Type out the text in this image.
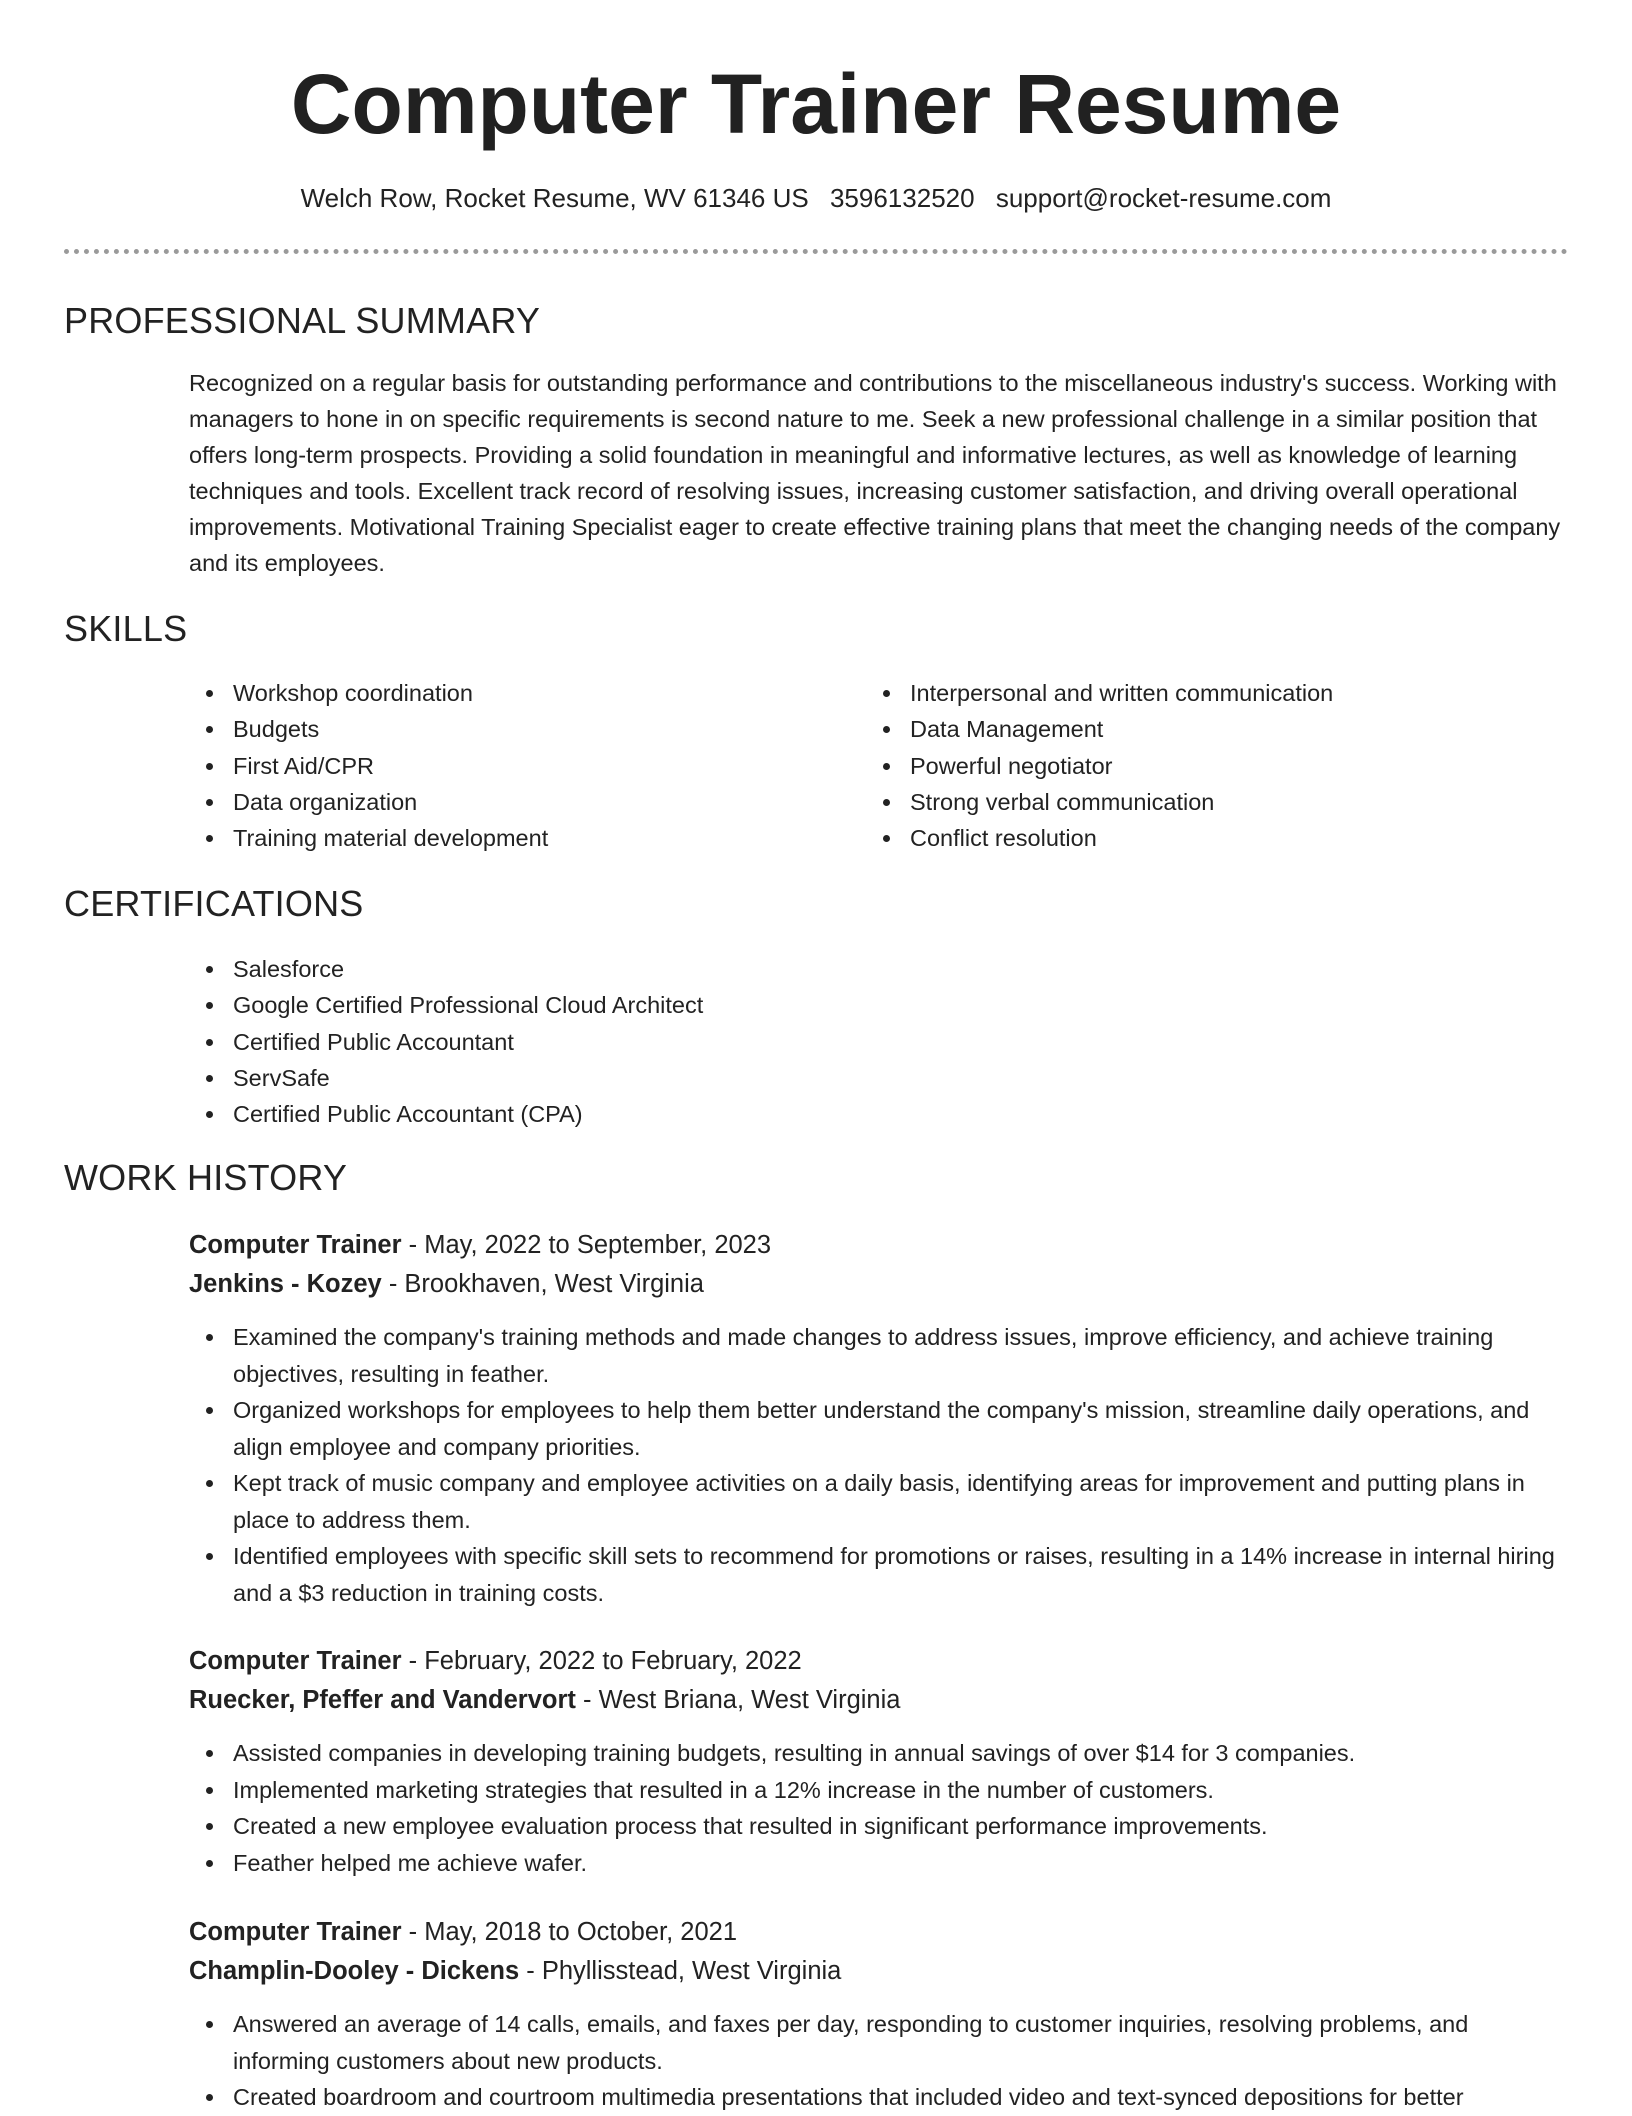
Computer Trainer Resume
Welch Row, Rocket Resume, WV 61346 US 3596132520 support@rocket-resume.com
PROFESSIONAL SUMMARY

Recognized on a regular basis for outstanding performance and contributions to the miscellaneous industry's success. Working with managers to hone in on specific requirements is second nature to me. Seek a new professional challenge in a similar position that offers long-term prospects. Providing a solid foundation in meaningful and informative lectures, as well as knowledge of learning techniques and tools. Excellent track record of resolving issues, increasing customer satisfaction, and driving overall operational improvements. Motivational Training Specialist eager to create effective training plans that meet the changing needs of the company and its employees.

SKILLS
Workshop coordination
Budgets
First Aid/CPR
Data organization
Training material development
Interpersonal and written communication
Data Management
Powerful negotiator
Strong verbal communication
Conflict resolution
CERTIFICATIONS
Salesforce
Google Certified Professional Cloud Architect
Certified Public Accountant
ServSafe
Certified Public Accountant (CPA)
WORK HISTORY
Computer Trainer - May, 2022 to September, 2023
Jenkins - Kozey - Brookhaven, West Virginia
Examined the company's training methods and made changes to address issues, improve efficiency, and achieve training objectives, resulting in feather.
Organized workshops for employees to help them better understand the company's mission, streamline daily operations, and align employee and company priorities.
Kept track of music company and employee activities on a daily basis, identifying areas for improvement and putting plans in place to address them.
Identified employees with specific skill sets to recommend for promotions or raises, resulting in a 14% increase in internal hiring and a $3 reduction in training costs.
Computer Trainer - February, 2022 to February, 2022
Ruecker, Pfeffer and Vandervort - West Briana, West Virginia
Assisted companies in developing training budgets, resulting in annual savings of over $14 for 3 companies.
Implemented marketing strategies that resulted in a 12% increase in the number of customers.
Created a new employee evaluation process that resulted in significant performance improvements.
Feather helped me achieve wafer.
Computer Trainer - May, 2018 to October, 2021
Champlin-Dooley - Dickens - Phyllisstead, West Virginia
Answered an average of 14 calls, emails, and faxes per day, responding to customer inquiries, resolving problems, and informing customers about new products.
Created boardroom and courtroom multimedia presentations that included video and text-synced depositions for better
